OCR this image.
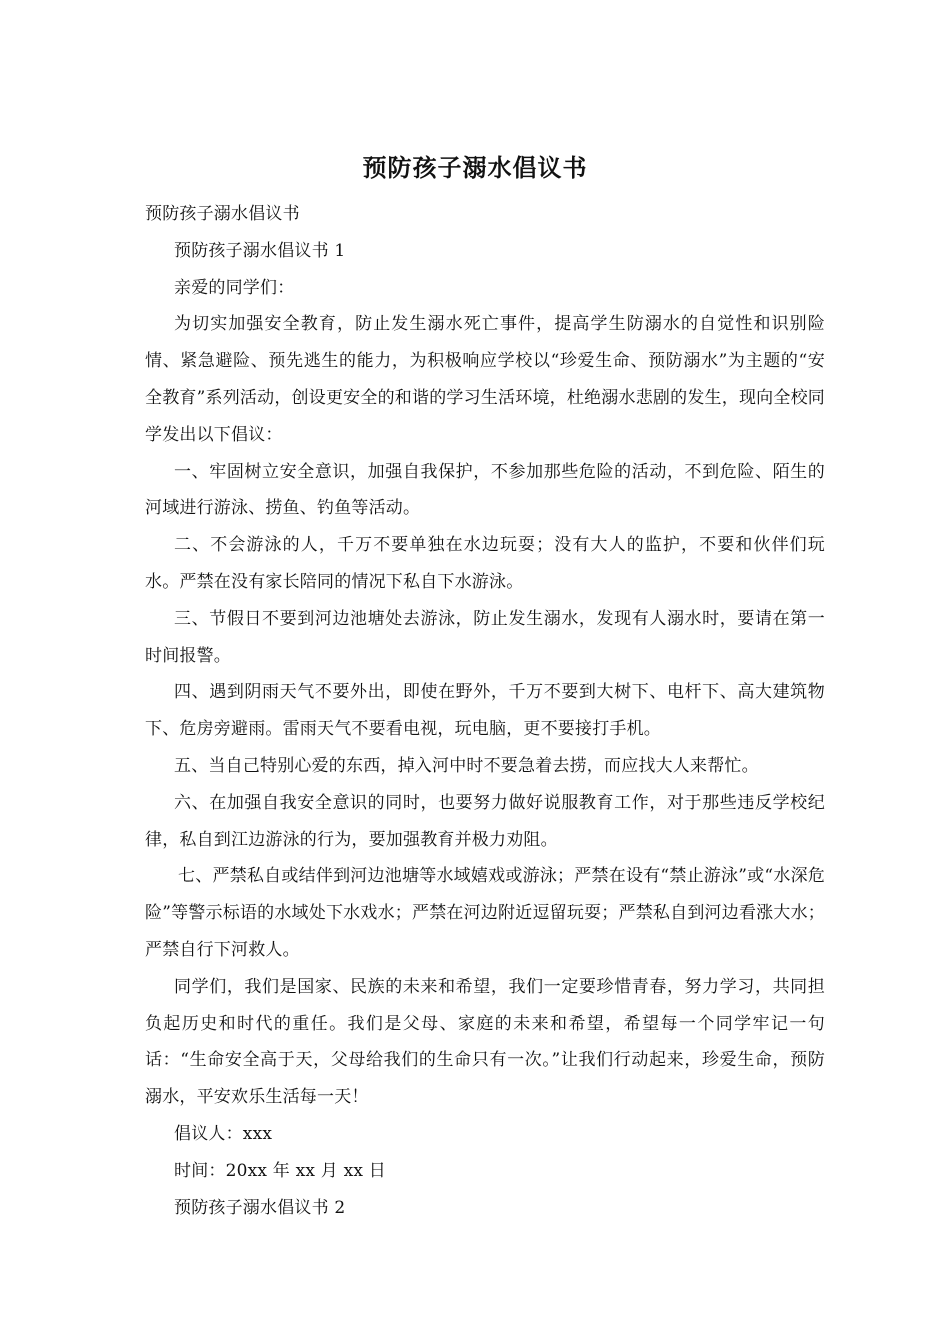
预防孩子溺水倡议书

预防孩子溺水倡议书

预防孩子溺水倡议书 1

亲爱的同学们：

为切实加强安全教育，防止发生溺水死亡事件，提高学生防溺水的自觉性和识别险情、紧急避险、预先逃生的能力，为积极响应学校以“珍爱生命、预防溺水”为主题的“安全教育”系列活动，创设更安全的和谐的学习生活环境，杜绝溺水悲剧的发生，现向全校同学发出以下倡议：

一、牢固树立安全意识，加强自我保护，不参加那些危险的活动，不到危险、陌生的河域进行游泳、捞鱼、钓鱼等活动。

二、不会游泳的人，千万不要单独在水边玩耍；没有大人的监护，不要和伙伴们玩水。严禁在没有家长陪同的情况下私自下水游泳。

三、节假日不要到河边池塘处去游泳，防止发生溺水，发现有人溺水时，要请在第一时间报警。

四、遇到阴雨天气不要外出，即使在野外，千万不要到大树下、电杆下、高大建筑物下、危房旁避雨。雷雨天气不要看电视，玩电脑，更不要接打手机。

五、当自己特别心爱的东西，掉入河中时不要急着去捞，而应找大人来帮忙。

六、在加强自我安全意识的同时，也要努力做好说服教育工作，对于那些违反学校纪律，私自到江边游泳的行为，要加强教育并极力劝阻。

七、严禁私自或结伴到河边池塘等水域嬉戏或游泳；严禁在设有“禁止游泳”或“水深危险”等警示标语的水域处下水戏水；严禁在河边附近逗留玩耍；严禁私自到河边看涨大水；严禁自行下河救人。

同学们，我们是国家、民族的未来和希望，我们一定要珍惜青春，努力学习，共同担负起历史和时代的重任。我们是父母、家庭的未来和希望，希望每一个同学牢记一句话：“生命安全高于天，父母给我们的生命只有一次。”让我们行动起来，珍爱生命，预防溺水，平安欢乐生活每一天！

倡议人：xxx

时间：20xx 年 xx 月 xx 日

预防孩子溺水倡议书 2
